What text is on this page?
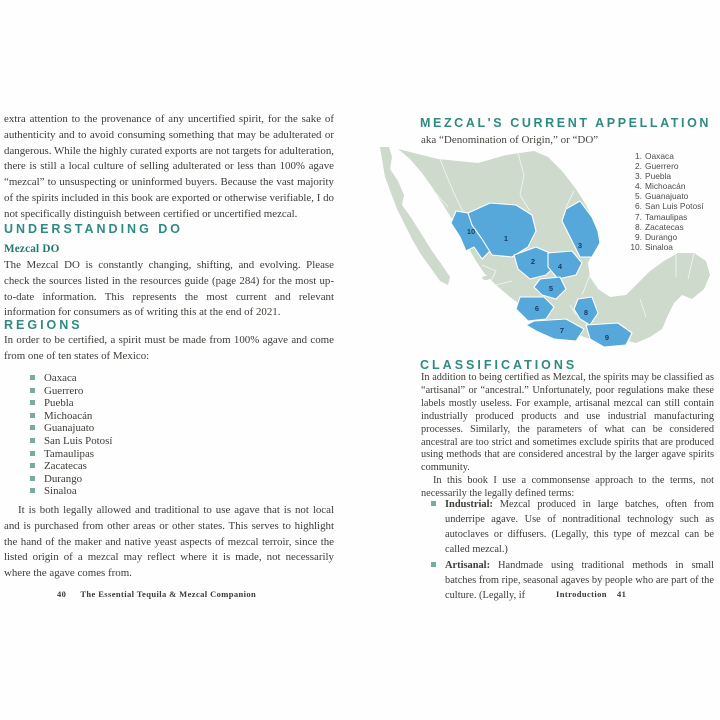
extra attention to the provenance of any uncertified spirit, for the sake of authenticity and to avoid consuming something that may be adulterated or dangerous. While the highly curated exports are not targets for adulteration, there is still a local culture of selling adulterated or less than 100% agave “mezcal” to unsuspecting or uninformed buyers. Because the vast majority of the spirits included in this book are exported or otherwise verifiable, I do not specifically distinguish between certified or uncertified mezcal.

UNDERSTANDING DO
Mezcal DO

The Mezcal DO is constantly changing, shifting, and evolving. Please check the sources listed in the resources guide (page 284) for the most up-to-date information. This represents the most current and relevant information for consumers as of writing this at the end of 2021.

REGIONS

In order to be certified, a spirit must be made from 100% agave and come from one of ten states of Mexico:

Oaxaca
Guerrero
Puebla
Michoacán
Guanajuato
San Luis Potosí
Tamaulipas
Zacatecas
Durango
Sinaloa

It is both legally allowed and traditional to use agave that is not local and is purchased from other areas or other states. This serves to highlight the hand of the maker and native yeast aspects of mezcal terroir, since the listed origin of a mezcal may reflect where it is made, not necessarily where the agave comes from.

40 The Essential Tequila & Mezcal Companion
MEZCAL'S CURRENT APPELLATION
aka “Denomination of Origin,” or “DO”
1
2
3
4
5
6
7
8
9
10
1. Oaxaca
2. Guerrero
3. Puebla
4. Michoacán
5. Guanajuato
6. San Luis Potosí
7. Tamaulipas
8. Zacatecas
9. Durango
10. Sinaloa
CLASSIFICATIONS

In addition to being certified as Mezcal, the spirits may be classified as “artisanal” or “ancestral.” Unfortunately, poor regulations make these labels mostly useless. For example, artisanal mezcal can still contain industrially produced products and use industrial manufacturing processes. Similarly, the parameters of what can be considered ancestral are too strict and sometimes exclude spirits that are produced using methods that are considered ancestral by the larger agave spirits community.

In this book I use a commonsense approach to the terms, not necessarily the legally defined terms:

Industrial: Mezcal produced in large batches, often from underripe agave. Use of nontraditional technology such as autoclaves or diffusers. (Legally, this type of mezcal can be called mezcal.)
Artisanal: Handmade using traditional methods in small batches from ripe, seasonal agaves by people who are part of the culture. (Legally, if	Introduction 41
